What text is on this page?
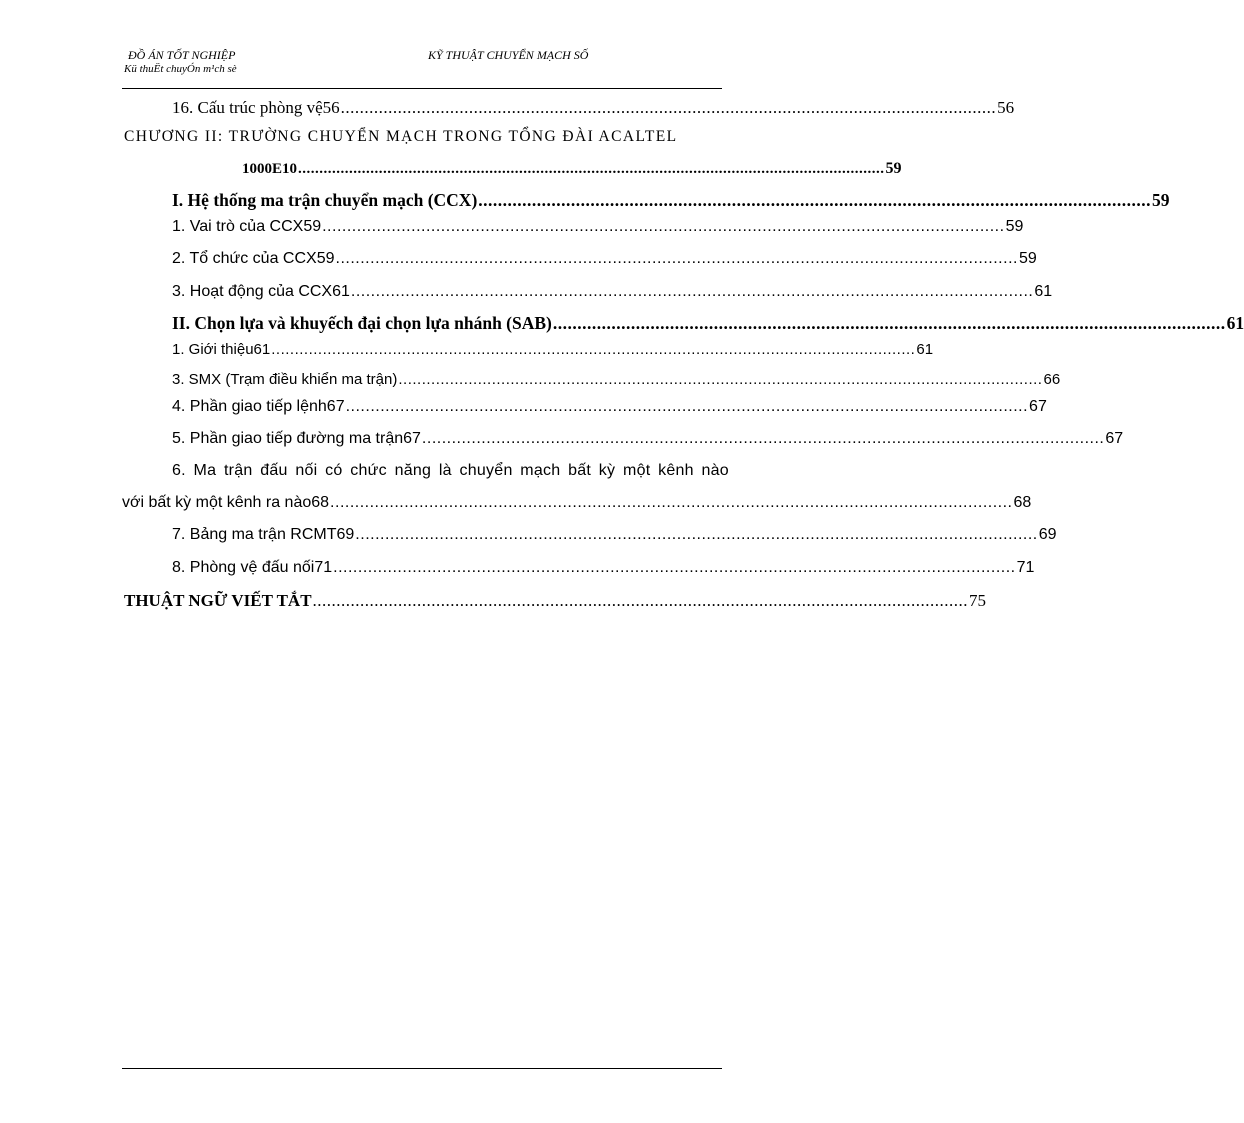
ĐỒ ÁN TỐT NGHIỆP
Kü thuËt chuyÓn m¹ch sè
KỸ THUẬT CHUYỂN MẠCH SỐ
16. Cấu trúc phòng vệ56 .......................................................................................................................................... 56
CHƯƠNG II: TRƯỜNG CHUYỂN MẠCH TRONG TỔNG ĐÀI ACALTEL
1000E10 .......................................................................................................................................... 59
I. Hệ thống ma trận chuyển mạch (CCX) .......................................................................................................................................... 59
1. Vai trò của CCX59 .......................................................................................................................................... 59
2. Tổ chức của CCX59 .......................................................................................................................................... 59
3. Hoạt động của CCX61 .......................................................................................................................................... 61
II. Chọn lựa và khuyếch đại chọn lựa nhánh (SAB) .......................................................................................................................................... 61
1. Giới thiệu61 .......................................................................................................................................... 61
3. SMX (Trạm điều khiển ma trận) .......................................................................................................................................... 66
4. Phần giao tiếp lệnh67 .......................................................................................................................................... 67
5. Phần giao tiếp đường ma trận67 .......................................................................................................................................... 67
6. Ma trận đấu nối có chức năng là chuyển mạch bất kỳ một kênh nào
với bất kỳ một kênh ra nào68 .......................................................................................................................................... 68
7. Bảng ma trận RCMT69 .......................................................................................................................................... 69
8. Phòng vệ đấu nối71 .......................................................................................................................................... 71
THUẬT NGỮ VIẾT TẮT .......................................................................................................................................... 75
